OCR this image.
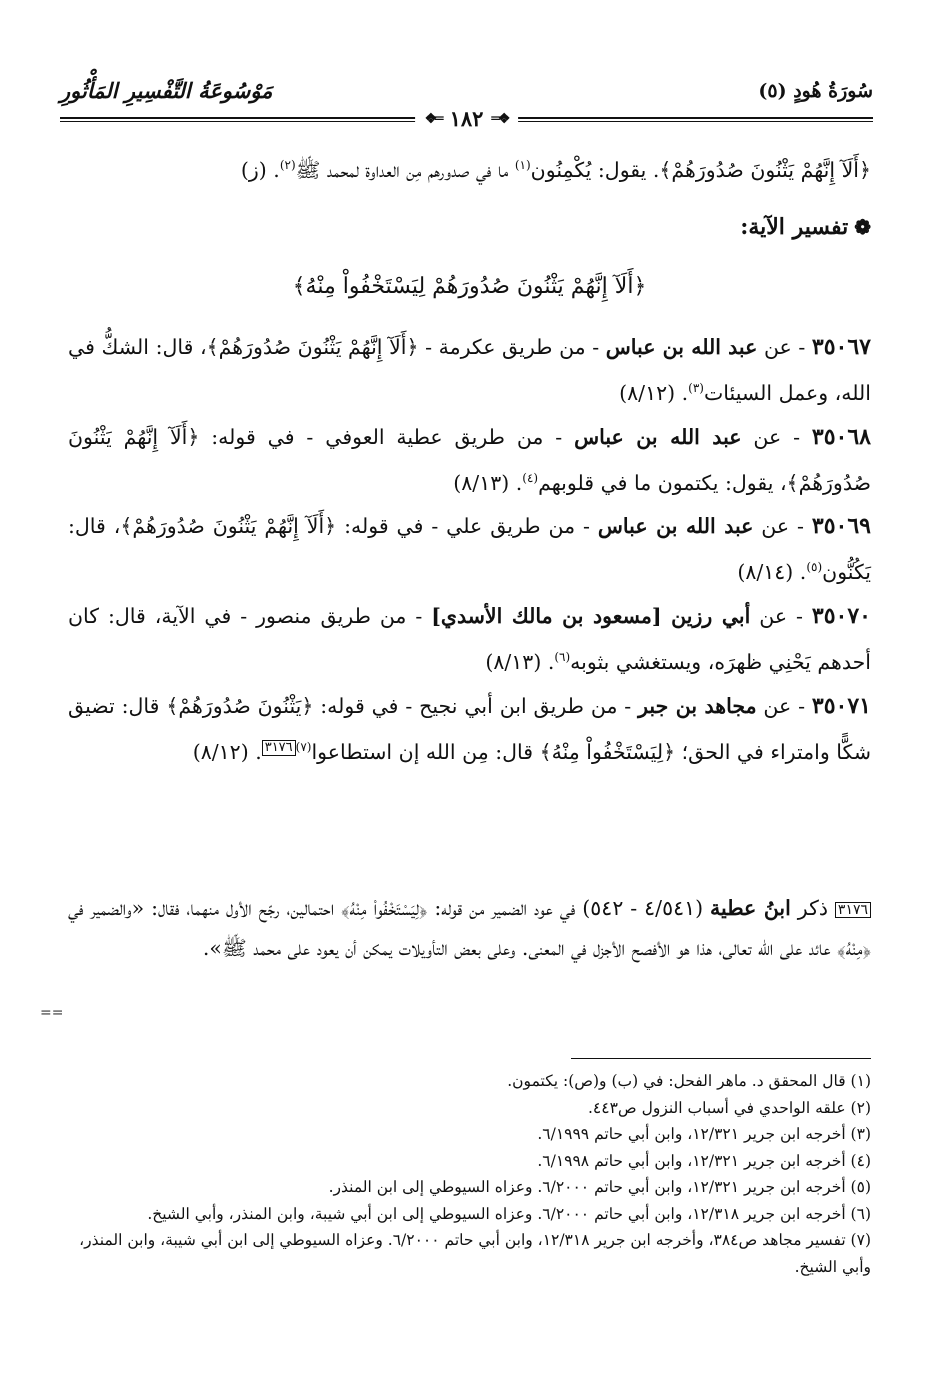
سُورَةُ هُودٍ (٥)
مَوْسُوعَةُ التَّفْسِيرِ المَأْثُورِ
❖═
١٨٢
═❖

﴿أَلَآ إِنَّهُمْ يَثْنُونَ صُدُورَهُمْ﴾. يقول: يُكْمِنُون$^{(١)}$ ما في صدورهم مِن العداوة لمحمد ﷺ$^{(٢)}$. (ز)

❁تفسير الآية:
﴿أَلَآ إِنَّهُمْ يَثْنُونَ صُدُورَهُمْ لِيَسْتَخْفُواْ مِنْهُ﴾

٣٥٠٦٧ - عن عبد الله بن عباس - من طريق عكرمة - ﴿أَلَآ إِنَّهُمْ يَثْنُونَ صُدُورَهُمْ﴾، قال: الشكُّ في الله، وعمل السيئات$^{(٣)}$. (٨/١٢)

٣٥٠٦٨ - عن عبد الله بن عباس - من طريق عطية العوفي - في قوله: ﴿أَلَآ إِنَّهُمْ يَثْنُونَ صُدُورَهُمْ﴾، يقول: يكتمون ما في قلوبهم$^{(٤)}$. (٨/١٣)

٣٥٠٦٩ - عن عبد الله بن عباس - من طريق علي - في قوله: ﴿أَلَآ إِنَّهُمْ يَثْنُونَ صُدُورَهُمْ﴾، قال: يَكُنُّون$^{(٥)}$. (٨/١٤)

٣٥٠٧٠ - عن أبي رزين [مسعود بن مالك الأسدي] - من طريق منصور - في الآية، قال: كان أحدهم يَحْنِي ظهرَه، ويستغشي بثوبه$^{(٦)}$. (٨/١٣)

٣٥٠٧١ - عن مجاهد بن جبر - من طريق ابن أبي نجيح - في قوله: ﴿يَثْنُونَ صُدُورَهُمْ﴾ قال: تضيق شكًّا وامتراء في الحق؛ ﴿لِيَسْتَخْفُواْ مِنْهُ﴾ قال: مِن الله إن استطاعوا$^{(٧)}$٣١٧٦. (٨/١٢)

٣١٧٦ ذكر ابنُ عطية (٤/٥٤١ - ٥٤٢) في عود الضمير من قوله: ﴿لِيَسْتَخْفُواْ مِنْهُ﴾ احتمالين، رجّح الأول منهما، فقال: «والضمير في ﴿مِنْهُ﴾ عائد على الله تعالى، هذا هو الأفصح الأجزل في المعنى. وعلى بعض التأويلات يمكن أن يعود على محمد ﷺ».
==

(١) قال المحقق د. ماهر الفحل: في (ب) و(ص): يكتمون.

(٢) علقه الواحدي في أسباب النزول ص٤٤٣.

(٣) أخرجه ابن جرير ١٢/٣٢١، وابن أبي حاتم ٦/١٩٩٩.

(٤) أخرجه ابن جرير ١٢/٣٢١، وابن أبي حاتم ٦/١٩٩٨.

(٥) أخرجه ابن جرير ١٢/٣٢١، وابن أبي حاتم ٦/٢٠٠٠. وعزاه السيوطي إلى ابن المنذر.

(٦) أخرجه ابن جرير ١٢/٣١٨، وابن أبي حاتم ٦/٢٠٠٠. وعزاه السيوطي إلى ابن أبي شيبة، وابن المنذر، وأبي الشيخ.

(٧) تفسير مجاهد ص٣٨٤، وأخرجه ابن جرير ١٢/٣١٨، وابن أبي حاتم ٦/٢٠٠٠. وعزاه السيوطي إلى ابن أبي شيبة، وابن المنذر، وأبي الشيخ.
